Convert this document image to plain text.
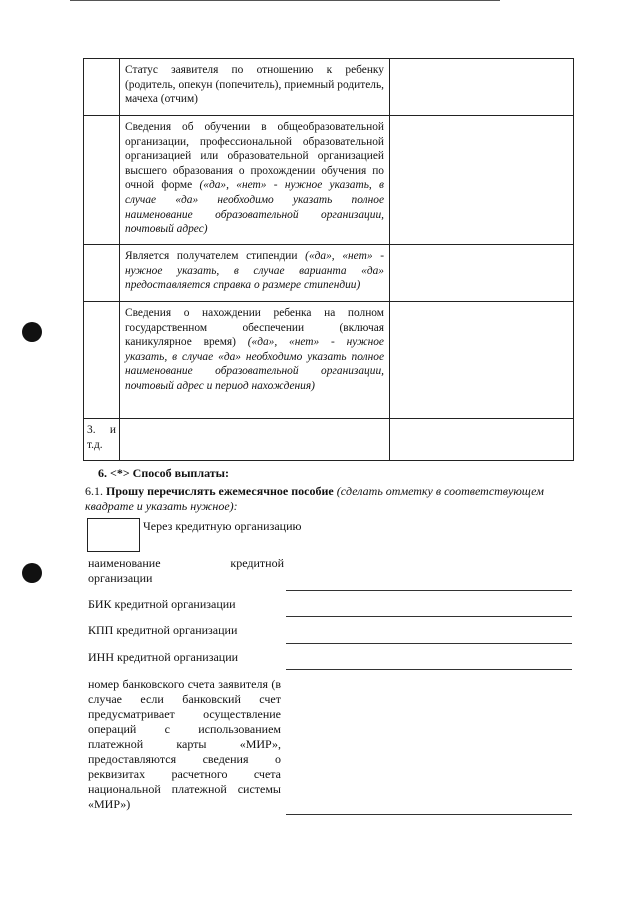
	Статус заявителя по отношению к ребенку (родитель, опекун (попечитель), приемный родитель, мачеха (отчим)	

	Сведения об обучении в общеобразовательной организации, профессиональной образовательной организацией или образовательной организацией высшего образования о прохождении обучения по очной форме («да», «нет» - нужное указать, в случае «да» необходимо указать полное наименование образовательной организации, почтовый адрес)	

	Является получателем стипендии («да», «нет» - нужное указать, в случае варианта «да» предоставляется справка о размере стипендии)	

	Сведения о нахождении ребенка на полном государственном обеспечении (включая каникулярное время) («да», «нет» - нужное указать, в случае «да» необходимо указать полное наименование образовательной организации, почтовый адрес и период нахождения)	

3. и т.д.		

6. <*> Способ выплаты:
6.1. Прошу перечислять ежемесячное пособие (сделать отметку в соответствующем квадрате и указать нужное):
Через кредитную организацию
наименование кредитной организации
БИК кредитной организации
КПП кредитной организации
ИНН кредитной организации
номер банковского счета заявителя (в случае если банковский счет предусматривает осуществление операций с использованием платежной карты «МИР», предоставляются сведения о реквизитах расчетного счета национальной платежной системы «МИР»)
